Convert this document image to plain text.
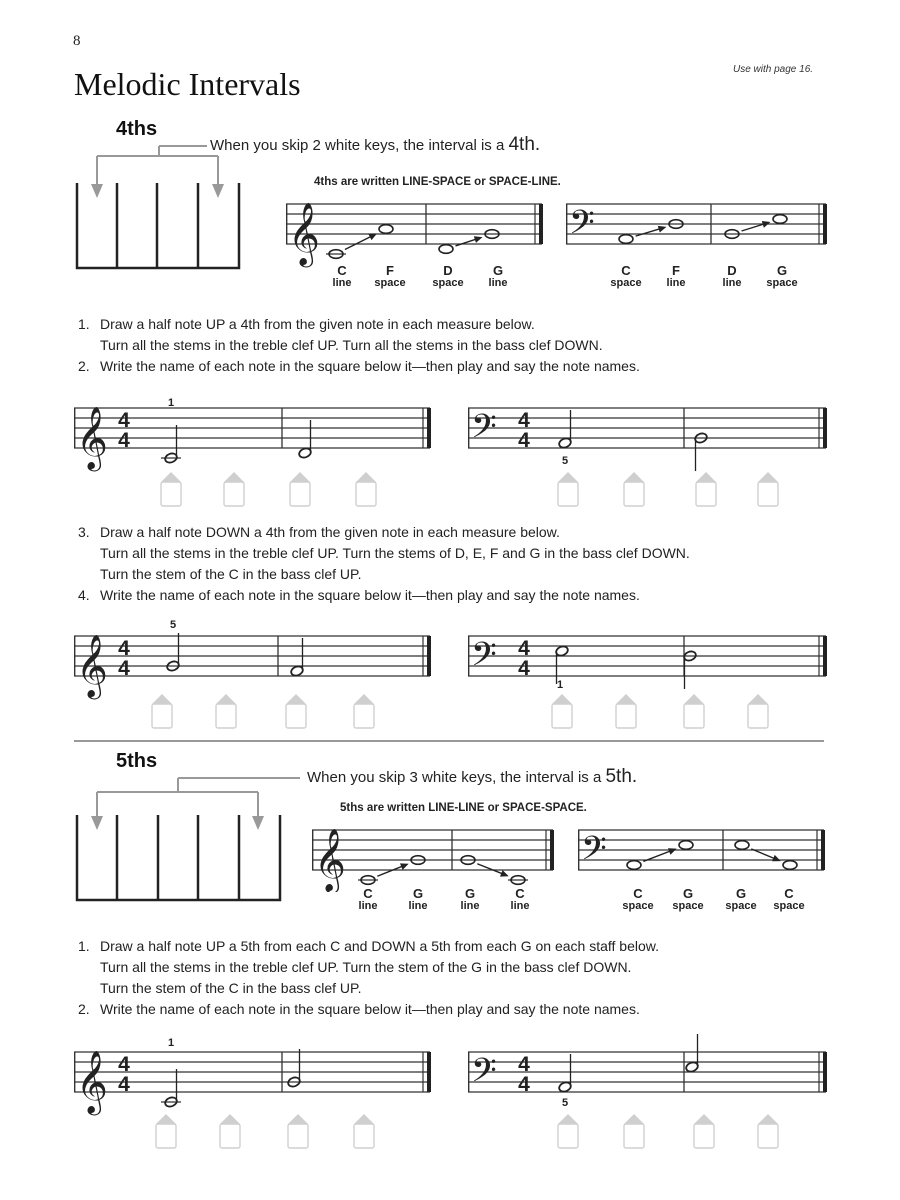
8
Melodic Intervals	Use with page 16.
4ths
When you skip 2 white keys, the interval is a 4th.
4ths are written LINE-SPACE or SPACE-LINE.
𝄞	𝄢
C
line
F
space
D
space
G
line
C
space
F
line
D
line
G
space
1. Draw a half note UP a 4th from the given note in each measure below.
Turn all the stems in the treble clef UP. Turn all the stems in the bass clef DOWN.
2. Write the name of each note in the square below it—then play and say the note names.
𝄞 4
4
1
𝄢 4
4
5
3. Draw a half note DOWN a 4th from the given note in each measure below.
Turn all the stems in the treble clef UP. Turn the stems of D, E, F and G in the bass clef DOWN.
Turn the stem of the C in the bass clef UP.
4. Write the name of each note in the square below it—then play and say the note names.
𝄞 4
4
5
𝄢 4
4
1
5ths
When you skip 3 white keys, the interval is a 5th.
5ths are written LINE-LINE or SPACE-SPACE.
𝄞	𝄢
C
line
G
line
G
line
C
line
C
space
G
space
G
space
C
space
1. Draw a half note UP a 5th from each C and DOWN a 5th from each G on each staff below.
Turn all the stems in the treble clef UP. Turn the stem of the G in the bass clef DOWN.
Turn the stem of the C in the bass clef UP.
2. Write the name of each note in the square below it—then play and say the note names.
𝄞 4
4
1
𝄢 4
4
5
